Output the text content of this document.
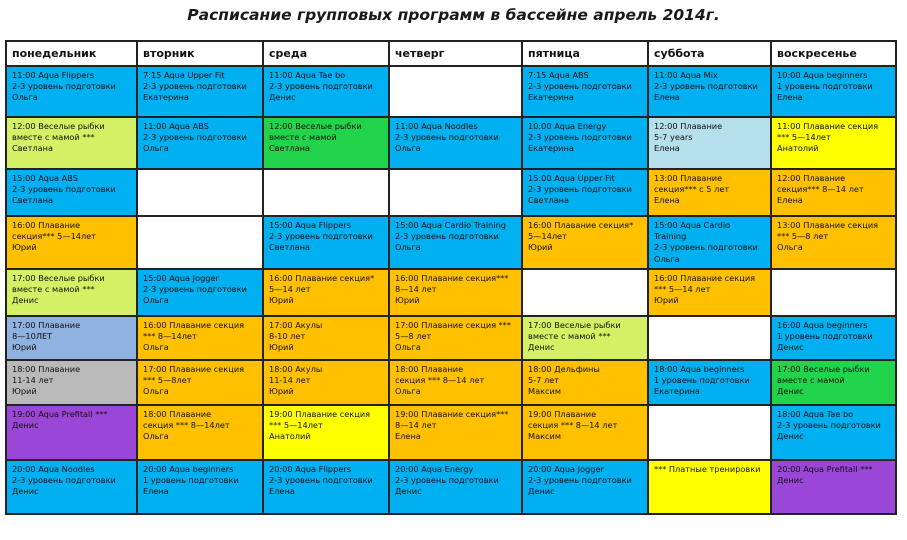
Расписание групповых программ в бассейне апрель 2014г.
понедельник	вторник	среда	четверг	пятница	суббота	воскресенье

11:00 Aqua Flippers
2-3 уровень подготовки
Ольга	7:15 Aqua Upper Fit
2-3 уровень подготовки
Екатерина	11:00 Aqua Tae bo
2-3 уровень подготовки
Денис		7:15 Aqua ABS
2-3 уровень подготовки
Екатерина	11:00 Aqua Mix
2-3 уровень подготовки
Елена	10:00 Aqua beginners
1 уровень подготовки
Елена

12:00 Веселые рыбки
вместе с мамой ***
Светлана	11:00 Aqua ABS
2-3 уровень подготовки
Ольга	12:00 Веселые рыбки
вместе с мамой
Светлана	11:00 Aqua Noodles
2-3 уровень подготовки
Ольга	10:00 Aqua Energy
2-3 уровень подготовки
Екатерина	12:00 Плавание
5-7 years
Елена	11:00 Плавание секция
*** 5—14лет
Анатолий

15:00 Aqua ABS
2-3 уровень подготовки
Светлана				15:00 Aqua Upper Fit
2-3 уровень подготовки
Светлана	13:00 Плавание
секция*** с 5 лет
Елена	12:00 Плавание
секция*** 8—14 лет
Елена

16:00 Плавание
секция*** 5—14лет
Юрий		15:00 Aqua Flippers
2-3 уровень подготовки
Светлана	15:00 Aqua Cardio Training
2-3 уровень подготовки
Ольга	16:00 Плавание секция*
5—14лет
Юрий	15:00 Aqua Cardio
Training
2-3 уровень подготовки
Ольга	13:00 Плавание секция
*** 5—8 лет
Ольга

17:00 Веселые рыбки
вместе с мамой ***
Денис	15:00 Aqua Jogger
2-3 уровень подготовки
Ольга	16:00 Плавание секция*
5—14 лет
Юрий	16:00 Плавание секция***
8—14 лет
Юрий		16:00 Плавание секция
*** 5—14 лет
Юрий	

17:00 Плавание
8—10ЛЕТ
Юрий	16:00 Плавание секция
*** 8—14лет
Ольга	17:00 Акулы
8-10 лет
Юрий	17:00 Плавание секция ***
5—8 лет
Ольга	17:00 Веселые рыбки
вместе с мамой ***
Денис		16:00 Aqua beginners
1 уровень подготовки
Денис

18:00 Плавание
11-14 лет
Юрий	17:00 Плавание секция
*** 5—8лет
Ольга	18:00 Акулы
11-14 лет
Юрий	18:00 Плавание
секция *** 8—14 лет
Ольга	18:00 Дельфины
5-7 лет
Максим	18:00 Aqua beginners
1 уровень подготовки
Екатерина	17:00 Веселые рыбки
вместе с мамой
Денис

19:00 Aqua Prefitall ***
Денис	18:00 Плавание
секция *** 8—14лет
Ольга	19:00 Плавание секция
*** 5—14лет
Анатолий	19:00 Плавание секция***
8—14 лет
Елена	19:00 Плавание
секция *** 8—14 лет
Максим		18:00 Aqua Tae bo
2-3 уровень подготовки
Денис

20:00 Aqua Noodles
2-3 уровень подготовки
Денис	20:00 Aqua beginners
1 уровень подготовки
Елена	20:00 Aqua Flippers
2-3 уровень подготовки
Елена	20:00 Aqua Energy
2-3 уровень подготовки
Денис	20:00 Aqua Jogger
2-3 уровень подготовки
Денис	*** Платные тренировки	20:00 Aqua Prefitall ***
Денис
